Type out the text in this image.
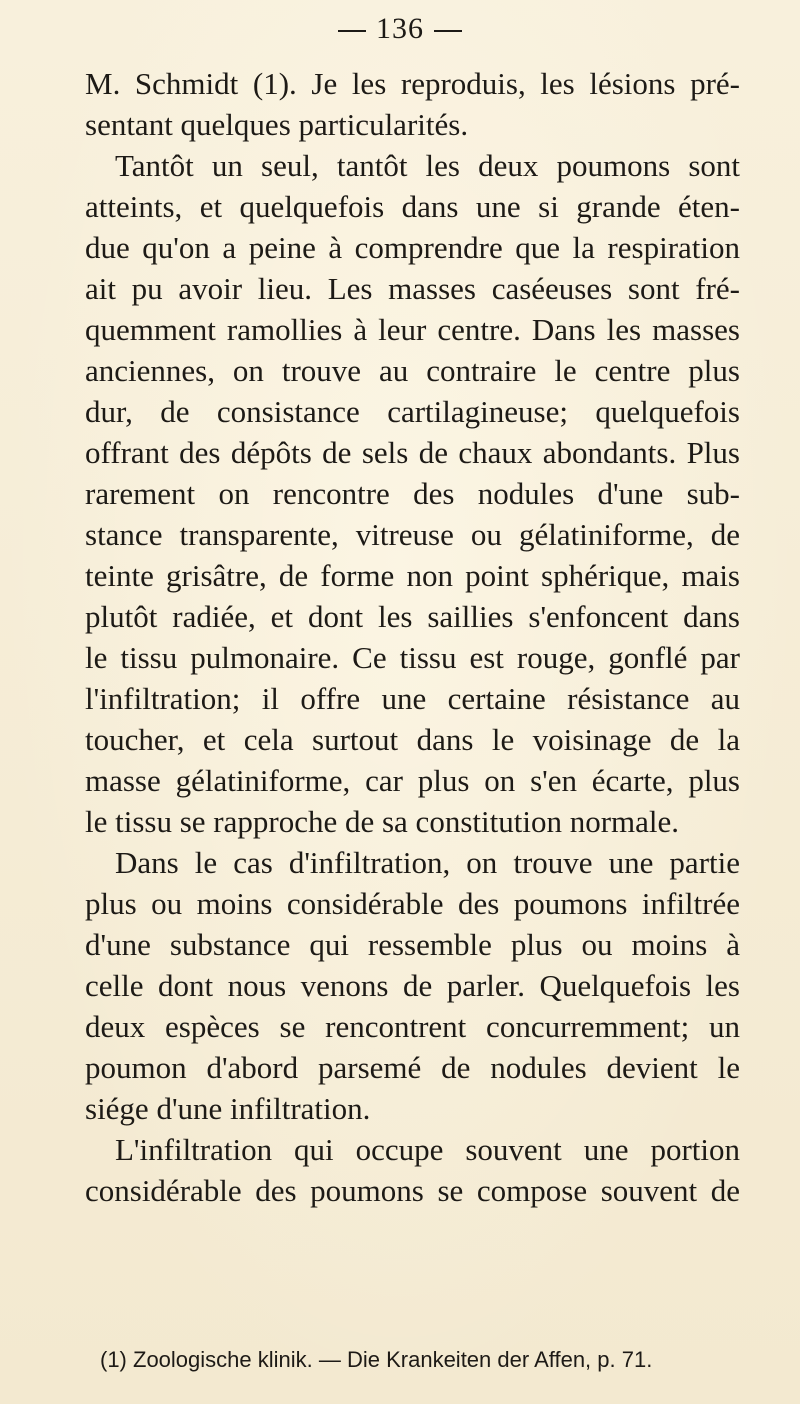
136
M. Schmidt (1). Je les reproduis, les lésions pré-
sentant quelques particularités.
Tantôt un seul, tantôt les deux poumons sont
atteints, et quelquefois dans une si grande éten-
due qu'on a peine à comprendre que la respiration
ait pu avoir lieu. Les masses caséeuses sont fré-
quemment ramollies à leur centre. Dans les masses
anciennes, on trouve au contraire le centre plus
dur, de consistance cartilagineuse; quelquefois
offrant des dépôts de sels de chaux abondants. Plus
rarement on rencontre des nodules d'une sub-
stance transparente, vitreuse ou gélatiniforme, de
teinte grisâtre, de forme non point sphérique, mais
plutôt radiée, et dont les saillies s'enfoncent dans
le tissu pulmonaire. Ce tissu est rouge, gonflé par
l'infiltration; il offre une certaine résistance au
toucher, et cela surtout dans le voisinage de la
masse gélatiniforme, car plus on s'en écarte, plus
le tissu se rapproche de sa constitution normale.
Dans le cas d'infiltration, on trouve une partie
plus ou moins considérable des poumons infiltrée
d'une substance qui ressemble plus ou moins à
celle dont nous venons de parler. Quelquefois les
deux espèces se rencontrent concurremment; un
poumon d'abord parsemé de nodules devient le
siége d'une infiltration.
L'infiltration qui occupe souvent une portion
considérable des poumons se compose souvent de
(1) Zoologische klinik. — Die Krankeiten der Affen, p. 71.
